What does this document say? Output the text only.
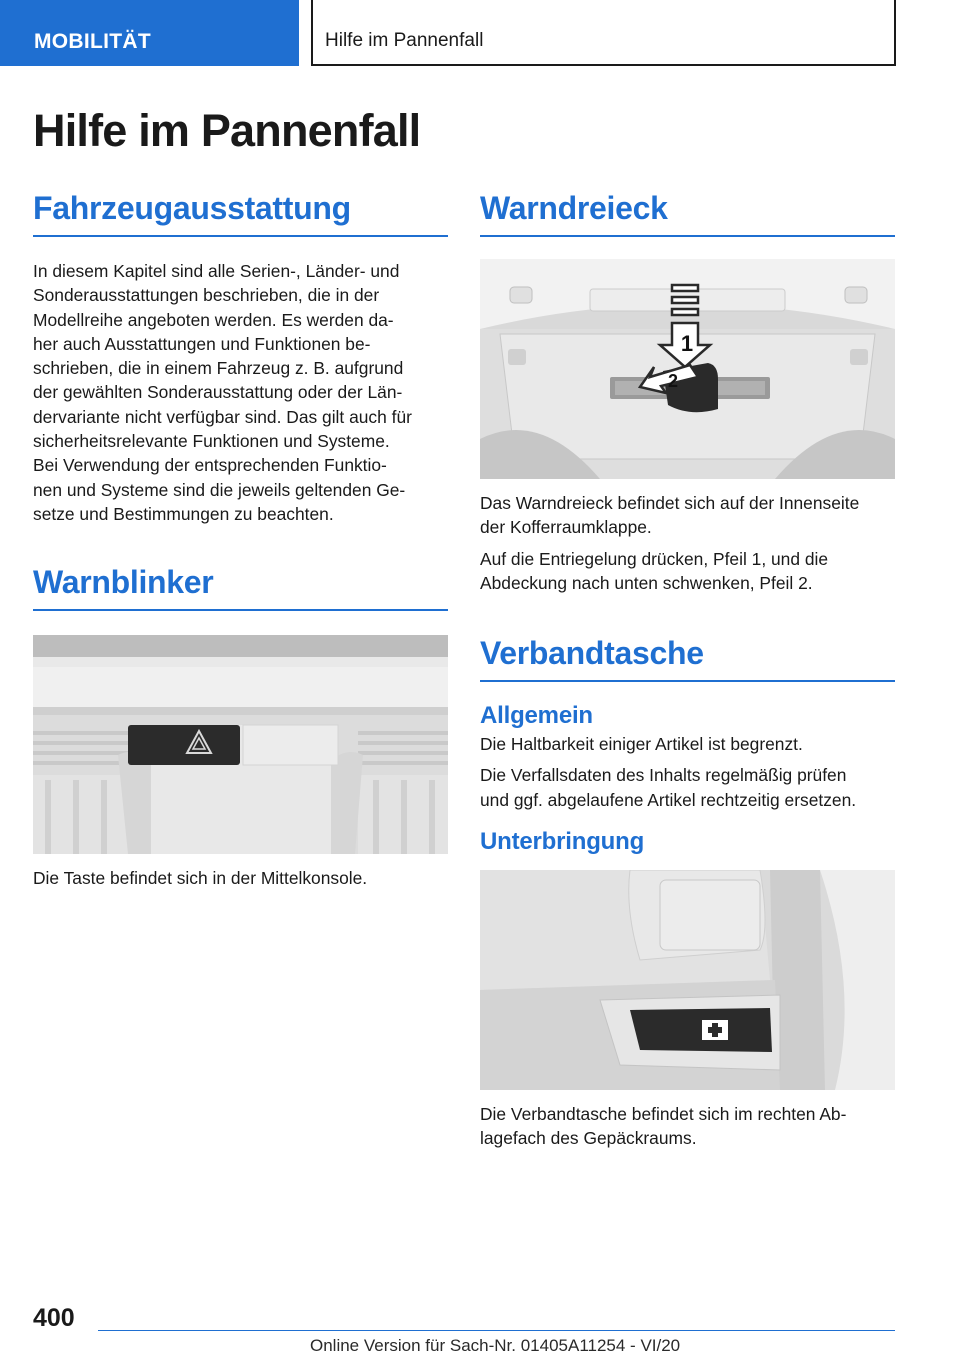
MOBILITÄT	Hilfe im Pannenfall
Hilfe im Pannenfall
Fahrzeugausstattung
In diesem Kapitel sind alle Serien-, Länder- und
Sonderausstattungen beschrieben, die in der
Modellreihe angeboten werden. Es werden da‐
her auch Ausstattungen und Funktionen be‐
schrieben, die in einem Fahrzeug z. B. aufgrund
der gewählten Sonderausstattung oder der Län‐
dervariante nicht verfügbar sind. Das gilt auch für
sicherheitsrelevante Funktionen und Systeme.
Bei Verwendung der entsprechenden Funktio‐
nen und Systeme sind die jeweils geltenden Ge‐
setze und Bestimmungen zu beachten.
Warnblinker

Die Taste befindet sich in der Mittelkonsole.

Warndreieck
1
2
Das Warndreieck befindet sich auf der Innenseite
der Kofferraumklappe.
Auf die Entriegelung drücken, Pfeil 1, und die
Abdeckung nach unten schwenken, Pfeil 2.
Verbandtasche
Allgemein
Die Haltbarkeit einiger Artikel ist begrenzt.
Die Verfallsdaten des Inhalts regelmäßig prüfen
und ggf. abgelaufene Artikel rechtzeitig ersetzen.
Unterbringung
Die Verbandtasche befindet sich im rechten Ab‐
lagefach des Gepäckraums.
400
Online Version für Sach-Nr. 01405A11254 - VI/20
